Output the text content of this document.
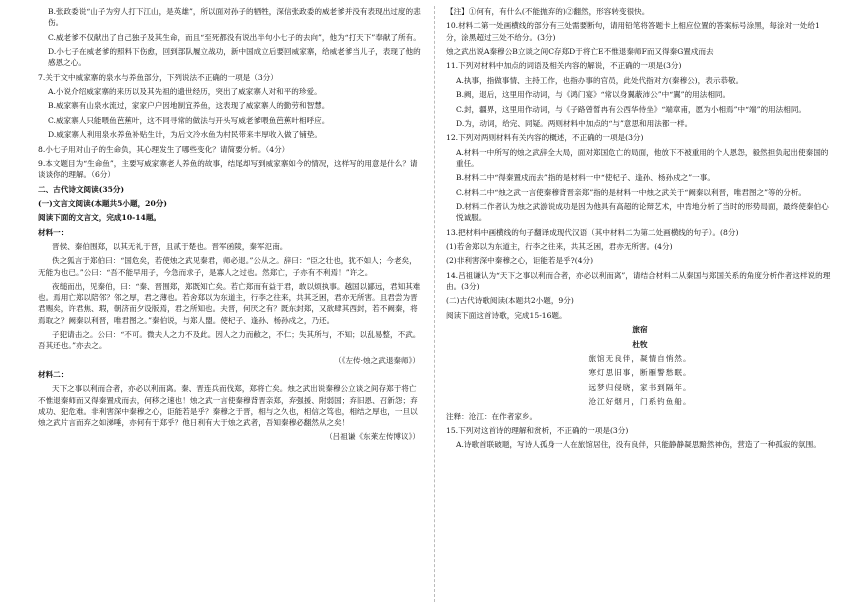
B.张政委说“山子为穷人打下江山，是英雄”，所以面对孙子的牺牲，深信张政委的威老爹并没有表现出过度的悲伤。
C.威老爹不仅献出了自己独子及其生命，而且“至死都没有说出半句小七子的去向”，他为“打天下”奉献了所有。
D.小七子在威老爹的照料下伤愈，回到部队履立战功，新中国成立后要回威家寨，给威老爹当儿子，表现了他的感恩之心。
7.关于文中威家寨的泉水与养鱼部分，下列说法不正确的一项是（3分）
A.小说介绍威家寨的来历以及其先祖的遗世经历，突出了威家寨人对和平的珍爱。
B.威家寨有山泉水流过，家家户户因地制宜养鱼，这表现了威家寨人的勤劳和智慧。
C.威家寨人只能喂鱼芭蕉叶，这不同寻常的做法与开头写威老爹喂鱼芭蕉叶相呼应。
D.威家寨人利用泉水养鱼补贴生计，为后文冷水鱼为村民带来丰厚收入做了铺垫。
8.小七子用对山子的生命负，其心理发生了哪些变化？请简要分析。（4分）
9.本文题目为“生命鱼”，主要写威家寨老人养鱼的故事，结尾却写到威家寨如今的情况，这样写的用意是什么？请谈谈你的理解。（6分）
二、古代诗文阅读(35分)
(一)文言文阅读(本题共5小题，20分)
阅读下面的文言文，完成10-14题。
材料一：
晋侯、秦伯围郑，以其无礼于晋，且贰于楚也。晋军函陵，秦军氾南。
佚之狐言于郑伯曰：“国危矣，若使烛之武见秦君，师必退。”公从之。辞曰：“臣之壮也，犹不如人；今老矣，无能为也已。”公曰：“吾不能早用子，今急而求子，是寡人之过也。然郑亡，子亦有不利焉！”许之。
夜缒而出，见秦伯，曰：“秦、晋围郑，郑既知亡矣。若亡郑而有益于君，敢以烦执事。越国以鄙远，君知其难也。焉用亡郑以陪邻？邻之厚，君之薄也。若舍郑以为东道主，行李之往来，共其乏困，君亦无所害。且君尝为晋君赐矣，许君焦、瑕，朝济而夕设版焉，君之所知也。夫晋，何厌之有？既东封郑，又欲肆其西封，若不阙秦，将焉取之？阙秦以利晋，唯君图之。”秦伯说，与郑人盟。使杞子、逢孙、杨孙戍之，乃还。
子犯请击之。公曰：“不可。微夫人之力不及此。因人之力而敝之，不仁；失其所与，不知；以乱易整，不武。吾其还也。”亦去之。
（《左传·烛之武退秦师》）
材料二：
天下之事以利而合者，亦必以利而离。秦、晋连兵而伐郑，郑将亡矣。烛之武出说秦穆公立谈之间存郑于将亡不惟退秦师而又得秦置戍而去，何移之速也！烛之武一言使秦穆背晋亲郑，弃强援、附弱国；弃旧恩、召新怨；弃成功、犯危难。非利害深中秦穆之心，讵能若是乎？秦穆之于晋，相与之久也，相信之笃也，相结之厚也，一旦以烛之武片言而弃之如涕唾，亦何有于郑乎？他日利有大于烛之武者，吾知秦穆必翻然从之矣！
（吕祖谦《东莱左传博议》）
【注】①何有，有什么(不能抛弃的)②翻然，形容转变很快。
10.材料二第一处画横线的部分有三处需要断句，请用铅笔将答题卡上相应位置的答案标号涂黑，每涂对一处给1分，涂黑超过三处不给分。(3分)
烛之武出说A秦穆公B立谈之间C存郑D于将亡E不惟退秦师F而又得秦G置戍而去
11.下列对材料中加点的词语及相关内容的解说，不正确的一项是(3分)
A.执事，指做事情、主持工作，也指办事的官员，此处代指对方(秦穆公)，表示恭敬。
B.阙，退后，这里用作动词，与《鸿门宴》“常以身翼蔽沛公”中“翼”的用法相同。
C.封，疆界，这里用作动词，与《子路曾皙冉有公西华侍坐》“端章甫，愿为小相焉”中“端”的用法相同。
D.为，动词，给完、同疑。两则材料中加点的“与”意思和用法都一样。
12.下列对两则材料有关内容的概述，不正确的一项是(3分)
A.材料一中所写的烛之武辞全大局，面对郑国危亡的局面，他放下不被重用的个人恩怨，毅然担负起出使秦国的重任。
B.材料二中“得秦置戍而去”指的是材料一中“使杞子、逢孙、杨孙戍之”一事。
C.材料二中“烛之武一言使秦穆背晋亲郑”指的是材料一中烛之武关于“阙秦以利晋，唯君图之”等的分析。
D.材料二作者认为烛之武游说成功是因为他具有高超的论辩艺术，中肯地分析了当时的形势局面，最终使秦伯心悦诚服。
13.把材料中画横线的句子翻译成现代汉语（其中材料二为第二处画横线的句子）。(8分)
(1)若舍郑以为东道主，行李之往来，共其乏困，君亦无所害。(4分)
(2)非利害深中秦穆之心，讵能若是乎?(4分)
14.吕祖谦认为“天下之事以利而合者，亦必以利而离”，请结合材料二从秦国与郑国关系的角度分析作者这样说的理由。(3分)
(二)古代诗歌阅读(本题共2小题，9分)
阅读下面这首诗歌，完成15-16题。
旅宿
杜牧
旅馆无良伴，凝情自悄然。
寒灯思旧事，断雁警愁眠。
远梦归侵晓，家书到隔年。
沧江好烟月，门系钓鱼船。
注释：沧江：在作者家乡。
15.下列对这首诗的理解和赏析，不正确的一项是(3分)
A.诗歌首联破题，写诗人孤身一人在旅馆居住，没有良伴，只能静静凝思黯然神伤，营造了一种孤寂的氛围。
